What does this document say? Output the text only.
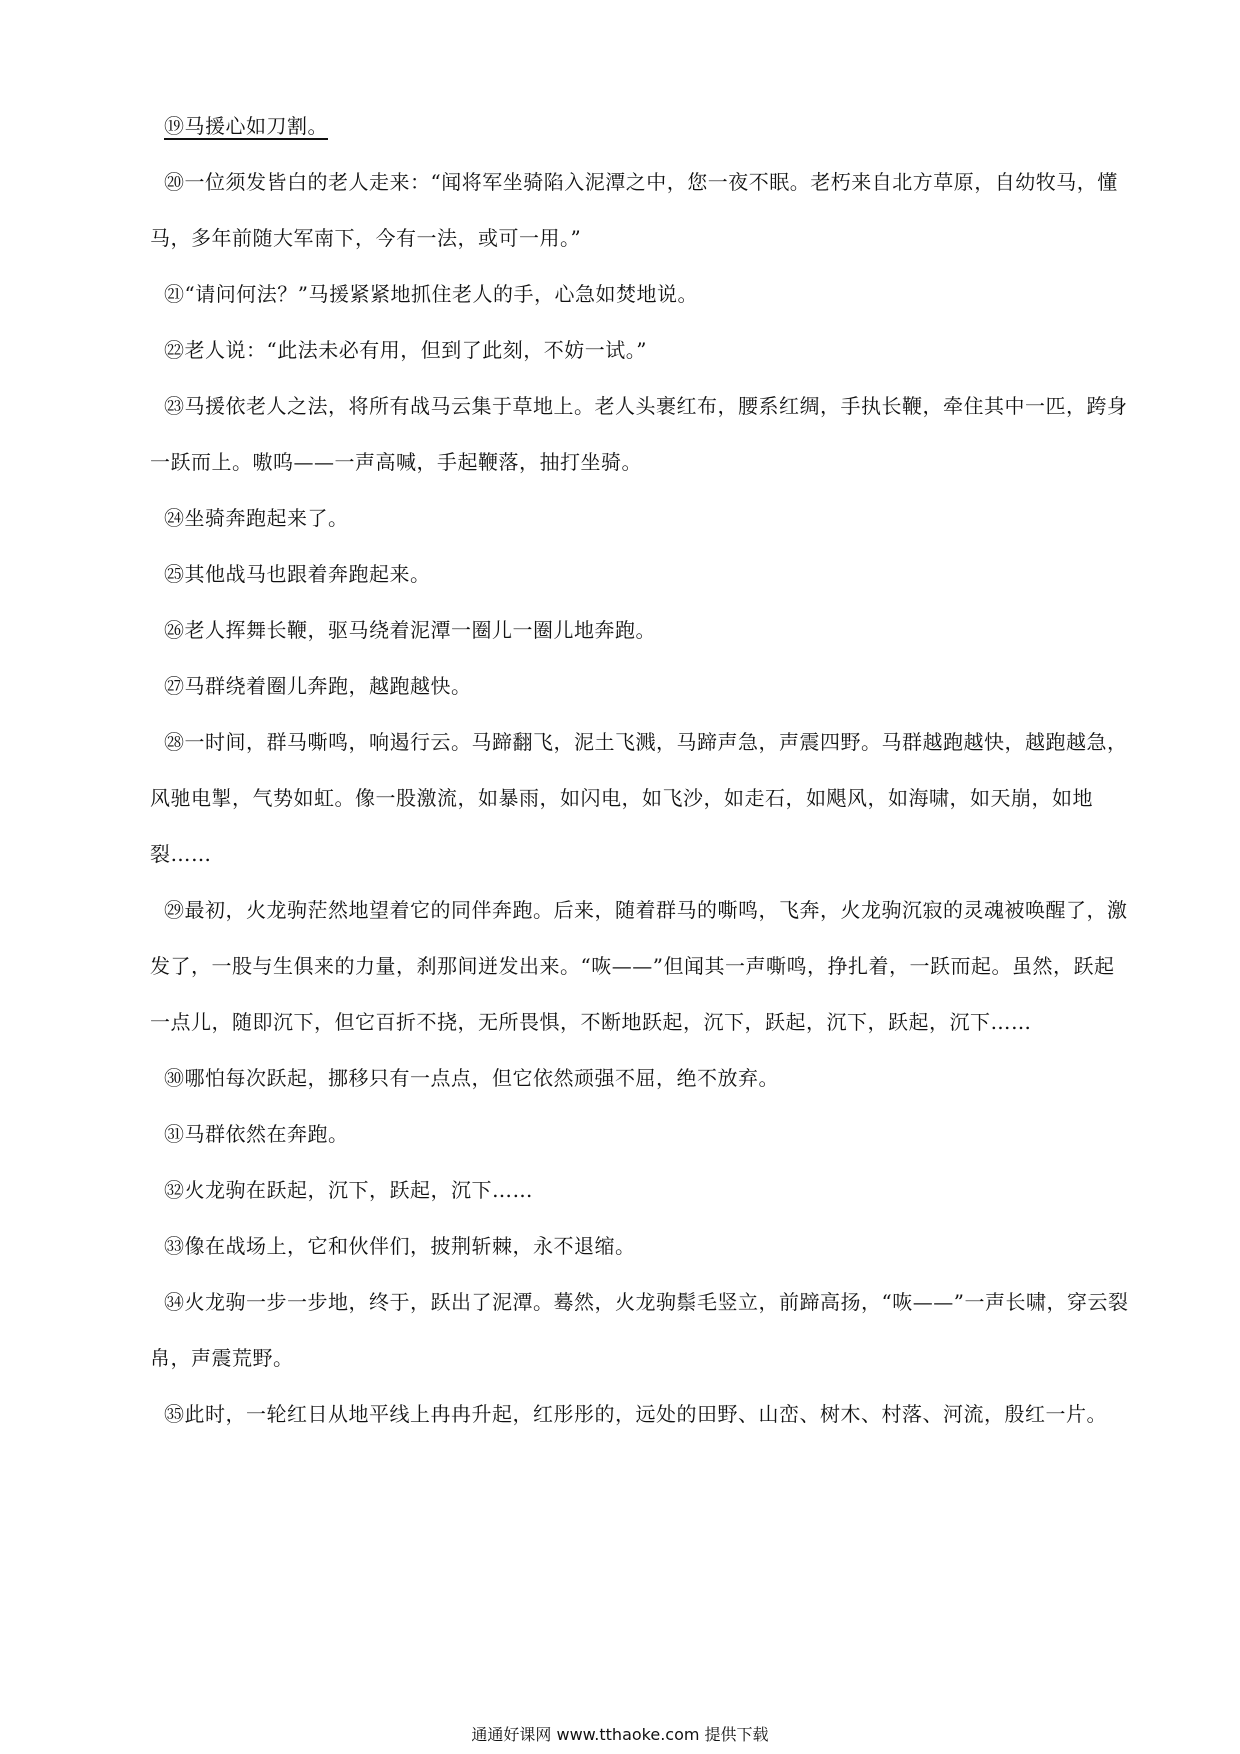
⑲马援心如刀割。

⑳一位须发皆白的老人走来：“闻将军坐骑陷入泥潭之中，您一夜不眠。老朽来自北方草原，自幼牧马，懂马，多年前随大军南下，今有一法，或可一用。”

㉑“请问何法？”马援紧紧地抓住老人的手，心急如焚地说。

㉒老人说：“此法未必有用，但到了此刻，不妨一试。”

㉓马援依老人之法，将所有战马云集于草地上。老人头裹红布，腰系红绸，手执长鞭，牵住其中一匹，跨身一跃而上。嗷呜——一声高喊，手起鞭落，抽打坐骑。

㉔坐骑奔跑起来了。

㉕其他战马也跟着奔跑起来。

㉖老人挥舞长鞭，驱马绕着泥潭一圈儿一圈儿地奔跑。

㉗马群绕着圈儿奔跑，越跑越快。

㉘一时间，群马嘶鸣，响遏行云。马蹄翻飞，泥土飞溅，马蹄声急，声震四野。马群越跑越快，越跑越急，风驰电掣，气势如虹。像一股激流，如暴雨，如闪电，如飞沙，如走石，如飓风，如海啸，如天崩，如地裂……

㉙最初，火龙驹茫然地望着它的同伴奔跑。后来，随着群马的嘶鸣，飞奔，火龙驹沉寂的灵魂被唤醒了，激发了，一股与生俱来的力量，刹那间迸发出来。“咴——”但闻其一声嘶鸣，挣扎着，一跃而起。虽然，跃起一点儿，随即沉下，但它百折不挠，无所畏惧，不断地跃起，沉下，跃起，沉下，跃起，沉下……

㉚哪怕每次跃起，挪移只有一点点，但它依然顽强不屈，绝不放弃。

㉛马群依然在奔跑。

㉜火龙驹在跃起，沉下，跃起，沉下……

㉝像在战场上，它和伙伴们，披荆斩棘，永不退缩。

㉞火龙驹一步一步地，终于，跃出了泥潭。蓦然，火龙驹鬃毛竖立，前蹄高扬，“咴——”一声长啸，穿云裂帛，声震荒野。

㉟此时，一轮红日从地平线上冉冉升起，红彤彤的，远处的田野、山峦、树木、村落、河流，殷红一片。

通通好课网 www.tthaoke.com 提供下载
